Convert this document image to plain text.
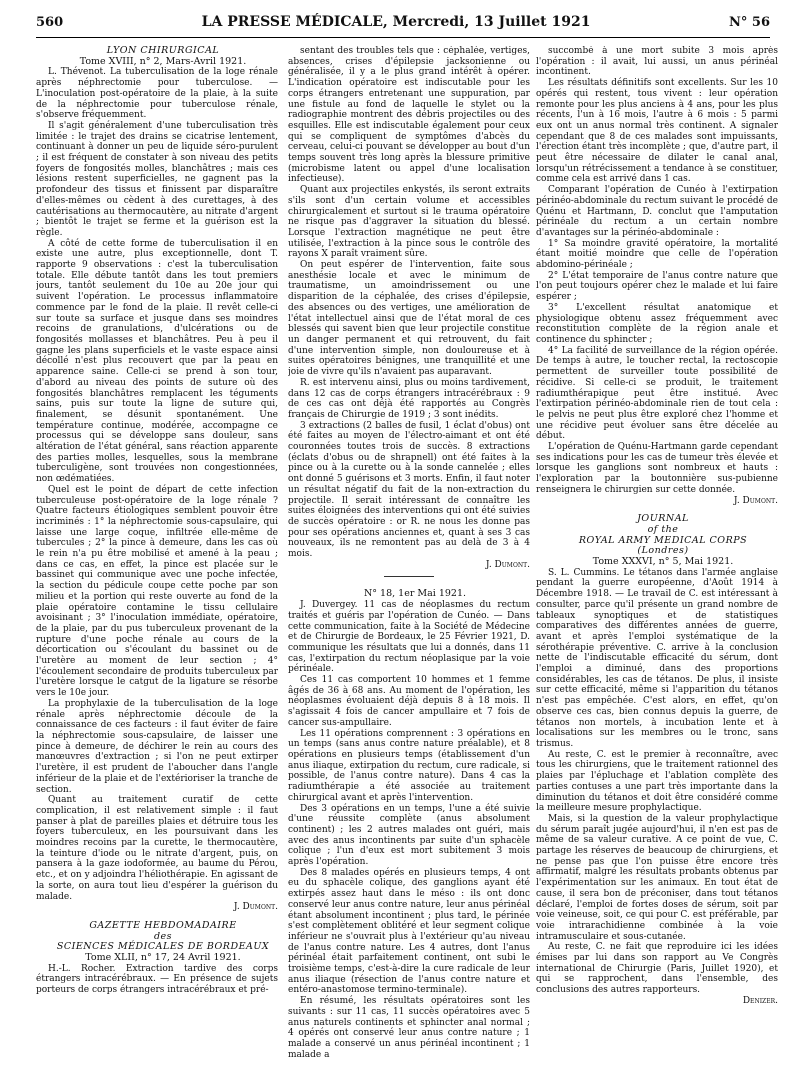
560	LA PRESSE MÉDICALE, Mercredi, 13 Juillet 1921	N° 56

LYON CHIRURGICAL

Tome XVIII, n° 2, Mars-Avril 1921.

L. Thévenot. La tuberculisation de la loge rénale après néphrectomie pour tuberculose. — L'inoculation post-opératoire de la plaie, à la suite de la néphrectomie pour tuberculose rénale, s'observe fréquemment.

Il s'agit généralement d'une tuberculisation très limitée : le trajet des drains se cicatrise lentement, continuant à donner un peu de liquide séro-purulent ; il est fréquent de constater à son niveau des petits foyers de fongosités molles, blanchâtres ; mais ces lésions restent superficielles, ne gagnent pas la profondeur des tissus et finissent par disparaître d'elles-mêmes ou cèdent à des curettages, à des cautérisations au thermocautère, au nitrate d'argent ; bientôt le trajet se ferme et la guérison est la règle.

A côté de cette forme de tuberculisation il en existe une autre, plus exceptionnelle, dont T. rapporte 9 observations : c'est la tuberculisation totale. Elle débute tantôt dans les tout premiers jours, tantôt seulement du 10e au 20e jour qui suivent l'opération. Le processus inflammatoire commence par le fond de la plaie. Il revêt celle-ci sur toute sa surface et jusque dans ses moindres recoins de granulations, d'ulcérations ou de fongosités mollasses et blanchâtres. Peu à peu il gagne les plans superficiels et le vaste espace ainsi décollé n'est plus recouvert que par la peau en apparence saine. Celle-ci se prend à son tour, d'abord au niveau des points de suture où des fongosités blanchâtres remplacent les téguments sains, puis sur toute la ligne de suture qui, finalement, se désunit spontanément. Une température continue, modérée, accompagne ce processus qui se développe sans douleur, sans altération de l'état général, sans réaction apparente des parties molles, lesquelles, sous la membrane tuberculigène, sont trouvées non congestionnées, non œdématiées.

Quel est le point de départ de cette infection tuberculeuse post-opératoire de la loge rénale ? Quatre facteurs étiologiques semblent pouvoir être incriminés : 1° la néphrectomie sous-capsulaire, qui laisse une large coque, infiltrée elle-même de tubercules ; 2° la pince à demeure, dans les cas où le rein n'a pu être mobilisé et amené à la peau ; dans ce cas, en effet, la pince est placée sur le bassinet qui communique avec une poche infectée, la section du pédicule coupe cette poche par son milieu et la portion qui reste ouverte au fond de la plaie opératoire contamine le tissu cellulaire avoisinant ; 3° l'inoculation immédiate, opératoire, de la plaie, par du pus tuberculeux provenant de la rupture d'une poche rénale au cours de la décortication ou s'écoulant du bassinet ou de l'uretère au moment de leur section ; 4° l'écoulement secondaire de produits tuberculeux par l'uretère lorsque le catgut de la ligature se résorbe vers le 10e jour.

La prophylaxie de la tuberculisation de la loge rénale après néphrectomie découle de la connaissance de ces facteurs : il faut éviter de faire la néphrectomie sous-capsulaire, de laisser une pince à demeure, de déchirer le rein au cours des manœuvres d'extraction ; si l'on ne peut extirper l'uretère, il est prudent de l'aboucher dans l'angle inférieur de la plaie et de l'extérioriser la tranche de section.

Quant au traitement curatif de cette complication, il est relativement simple : il faut panser à plat de pareilles plaies et détruire tous les foyers tuberculeux, en les poursuivant dans les moindres recoins par la curette, le thermocautère, la teinture d'iode ou le nitrate d'argent, puis, on pansera à la gaze iodoformée, au baume du Pérou, etc., et on y adjoindra l'héliothérapie. En agissant de la sorte, on aura tout lieu d'espérer la guérison du malade.

J. Dumont.

GAZETTE HEBDOMADAIRE

des

SCIENCES MÉDICALES DE BORDEAUX

Tome XLII, n° 17, 24 Avril 1921.

H.-L. Rocher. Extraction tardive des corps étrangers intracérébraux. — En présence de sujets porteurs de corps étrangers intracérébraux et pré-

sentant des troubles tels que : céphalée, vertiges, absences, crises d'épilepsie jacksonienne ou généralisée, il y a le plus grand intérêt à opérer. L'indication opératoire est indiscutable pour les corps étrangers entretenant une suppuration, par une fistule au fond de laquelle le stylet ou la radiographie montrent des débris projectiles ou des esquilles. Elle est indiscutable également pour ceux qui se compliquent de symptômes d'abcès du cerveau, celui-ci pouvant se développer au bout d'un temps souvent très long après la blessure primitive (microbisme latent ou appel d'une localisation infectieuse).

Quant aux projectiles enkystés, ils seront extraits s'ils sont d'un certain volume et accessibles chirurgicalement et surtout si le trauma opératoire ne risque pas d'aggraver la situation du blessé. Lorsque l'extraction magnétique ne peut être utilisée, l'extraction à la pince sous le contrôle des rayons X paraît vraiment sûre.

On peut espérer de l'intervention, faite sous anesthésie locale et avec le minimum de traumatisme, un amoindrissement ou une disparition de la céphalée, des crises d'épilepsie, des absences ou des vertiges, une amélioration de l'état intellectuel ainsi que de l'état moral de ces blessés qui savent bien que leur projectile constitue un danger permanent et qui retrouvent, du fait d'une intervention simple, non douloureuse et à suites opératoires bénignes, une tranquillité et une joie de vivre qu'ils n'avaient pas auparavant.

R. est intervenu ainsi, plus ou moins tardivement, dans 12 cas de corps étrangers intracérébraux : 9 de ces cas ont déjà été rapportés au Congrès français de Chirurgie de 1919 ; 3 sont inédits.

3 extractions (2 balles de fusil, 1 éclat d'obus) ont été faites au moyen de l'électro-aimant et ont été couronnées toutes trois de succès. 8 extractions (éclats d'obus ou de shrapnell) ont été faites à la pince ou à la curette ou à la sonde cannelée ; elles ont donné 5 guérisons et 3 morts. Enfin, il faut noter un résultat négatif du fait de la non-extraction du projectile. Il serait intéressant de connaître les suites éloignées des interventions qui ont été suivies de succès opératoire : or R. ne nous les donne pas pour ses opérations anciennes et, quant à ses 3 cas nouveaux, ils ne remontent pas au delà de 3 à 4 mois.

J. Dumont.

N° 18, 1er Mai 1921.

J. Duvergey. 11 cas de néoplasmes du rectum traités et guéris par l'opération de Cunéo. — Dans cette communication, faite à la Société de Médecine et de Chirurgie de Bordeaux, le 25 Février 1921, D. communique les résultats que lui a donnés, dans 11 cas, l'extirpation du rectum néoplasique par la voie périnéale.

Ces 11 cas comportent 10 hommes et 1 femme âgés de 36 à 68 ans. Au moment de l'opération, les néoplasmes évoluaient déjà depuis 8 à 18 mois. Il s'agissait 4 fois de cancer ampullaire et 7 fois de cancer sus-ampullaire.

Les 11 opérations comprennent : 3 opérations en un temps (sans anus contre nature préalable), et 8 opérations en plusieurs temps (établissement d'un anus iliaque, extirpation du rectum, cure radicale, si possible, de l'anus contre nature). Dans 4 cas la radiumthérapie a été associée au traitement chirurgical avant et après l'intervention.

Des 3 opérations en un temps, l'une a été suivie d'une réussite complète (anus absolument continent) ; les 2 autres malades ont guéri, mais avec des anus incontinents par suite d'un sphacèle colique ; l'un d'eux est mort subitement 3 mois après l'opération.

Des 8 malades opérés en plusieurs temps, 4 ont eu du sphacèle colique, des ganglions ayant été extirpés assez haut dans le méso : ils ont donc conservé leur anus contre nature, leur anus périnéal étant absolument incontinent ; plus tard, le périnée s'est complètement oblitéré et leur segment colique inférieur ne s'ouvrait plus à l'extérieur qu'au niveau de l'anus contre nature. Les 4 autres, dont l'anus périnéal était parfaitement continent, ont subi le troisième temps, c'est-à-dire la cure radicale de leur anus iliaque (résection de l'anus contre nature et entéro-anastomose termino-terminale).

En résumé, les résultats opératoires sont les suivants : sur 11 cas, 11 succès opératoires avec 5 anus naturels continents et sphincter anal normal ; 4 opérés ont conservé leur anus contre nature ; 1 malade a conservé un anus périnéal incontinent ; 1 malade a

succombé à une mort subite 3 mois après l'opération : il avait, lui aussi, un anus périnéal incontinent.

Les résultats définitifs sont excellents. Sur les 10 opérés qui restent, tous vivent : leur opération remonte pour les plus anciens à 4 ans, pour les plus récents, l'un à 16 mois, l'autre à 6 mois : 5 parmi eux ont un anus normal très continent. A signaler cependant que 8 de ces malades sont impuissants, l'érection étant très incomplète ; que, d'autre part, il peut être nécessaire de dilater le canal anal, lorsqu'un rétrécissement a tendance à se constituer, comme cela est arrivé dans 1 cas.

Comparant l'opération de Cunéo à l'extirpation périnéo-abdominale du rectum suivant le procédé de Quénu et Hartmann, D. conclut que l'amputation périnéale du rectum a un certain nombre d'avantages sur la périnéo-abdominale :

1° Sa moindre gravité opératoire, la mortalité étant moitié moindre que celle de l'opération abdomino-périnéale ;

2° L'état temporaire de l'anus contre nature que l'on peut toujours opérer chez le malade et lui faire espérer ;

3° L'excellent résultat anatomique et physiologique obtenu assez fréquemment avec reconstitution complète de la région anale et continence du sphincter ;

4° La facilité de surveillance de la région opérée. De temps à autre, le toucher rectal, la rectoscopie permettent de surveiller toute possibilité de récidive. Si celle-ci se produit, le traitement radiumthérapique peut être institué. Avec l'extirpation périnéo-abdominale rien de tout cela : le pelvis ne peut plus être exploré chez l'homme et une récidive peut évoluer sans être décelée au début.

L'opération de Quénu-Hartmann garde cependant ses indications pour les cas de tumeur très élevée et lorsque les ganglions sont nombreux et hauts : l'exploration par la boutonnière sus-pubienne renseignera le chirurgien sur cette donnée.

J. Dumont.

JOURNAL

of the

ROYAL ARMY MEDICAL CORPS

(Londres)

Tome XXXVI, n° 5, Mai 1921.

S. L. Cummins. Le tétanos dans l'armée anglaise pendant la guerre européenne, d'Août 1914 à Décembre 1918. — Le travail de C. est intéressant à consulter, parce qu'il présente un grand nombre de tableaux synoptiques et de statistiques comparatives des différentes années de guerre, avant et après l'emploi systématique de la sérothérapie préventive. C. arrive à la conclusion nette de l'indiscutable efficacité du sérum, dont l'emploi a diminué, dans des proportions considérables, les cas de tétanos. De plus, il insiste sur cette efficacité, même si l'apparition du tétanos n'est pas empêchée. C'est alors, en effet, qu'on observe ces cas, bien connus depuis la guerre, de tétanos non mortels, à incubation lente et à localisations sur les membres ou le tronc, sans trismus.

Au reste, C. est le premier à reconnaître, avec tous les chirurgiens, que le traitement rationnel des plaies par l'épluchage et l'ablation complète des parties contuses a une part très importante dans la diminution du tétanos et doit être considéré comme la meilleure mesure prophylactique.

Mais, si la question de la valeur prophylactique du sérum paraît jugée aujourd'hui, il n'en est pas de même de sa valeur curative. A ce point de vue, C. partage les réserves de beaucoup de chirurgiens, et ne pense pas que l'on puisse être encore très affirmatif, malgré les résultats probants obtenus par l'expérimentation sur les animaux. En tout état de cause, il sera bon de préconiser, dans tout tétanos déclaré, l'emploi de fortes doses de sérum, soit par voie veineuse, soit, ce qui pour C. est préférable, par voie intrarachidienne combinée à la voie intramusculaire et sous-cutanée.

Au reste, C. ne fait que reproduire ici les idées émises par lui dans son rapport au Ve Congrès international de Chirurgie (Paris, Juillet 1920), et qui se rapprochent, dans l'ensemble, des conclusions des autres rapporteurs.

Denizer.
